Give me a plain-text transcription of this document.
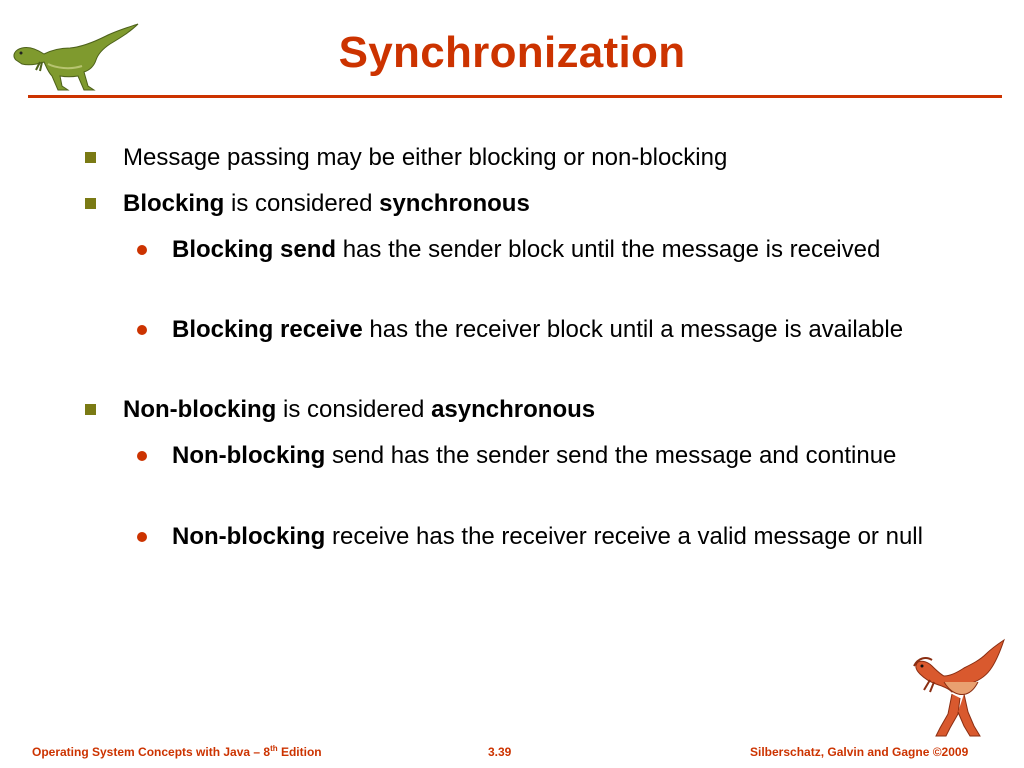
Synchronization
Message passing may be either blocking or non-blocking
Blocking is considered synchronous
Blocking send has the sender block until the message is received
Blocking receive has the receiver block until a message is available
Non-blocking is considered asynchronous
Non-blocking send has the sender send the message and continue
Non-blocking receive has the receiver receive a valid message or null
Operating System Concepts with Java – 8th Edition	3.39	Silberschatz, Galvin and Gagne ©2009
